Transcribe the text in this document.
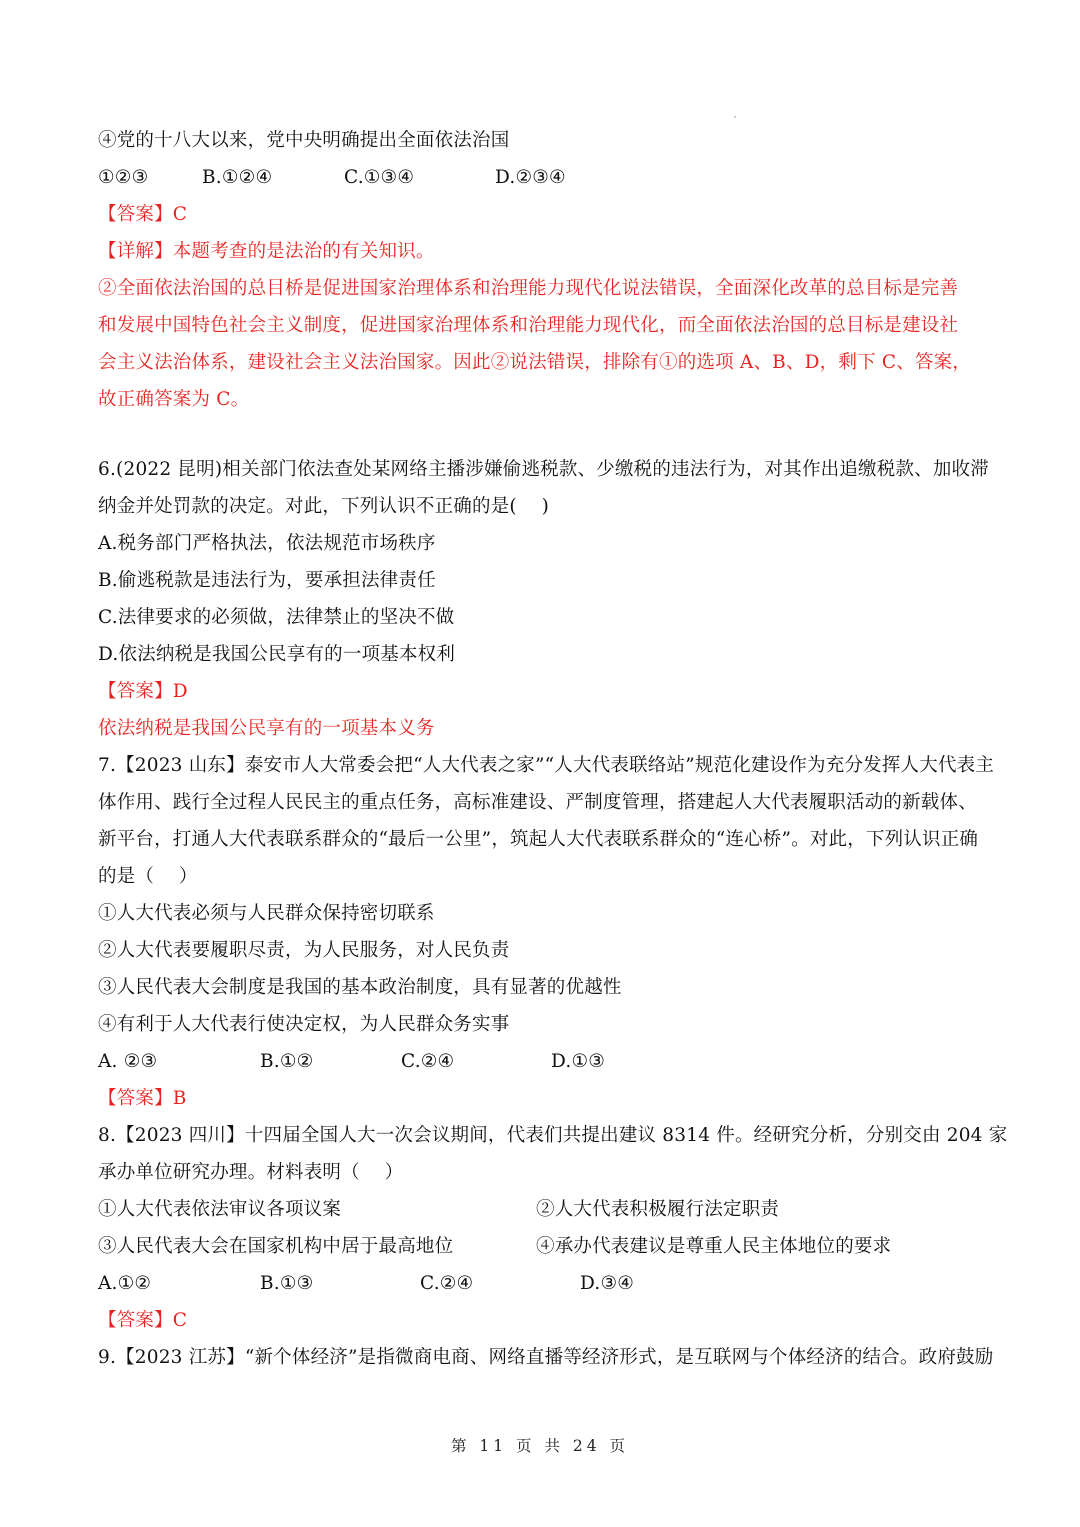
④党的十八大以来，党中央明确提出全面依法治国
①②③	B.①②④	C.①③④	D.②③④
【答案】C
【详解】本题考查的是法治的有关知识。
②全面依法治国的总目桥是促进国家治理体系和治理能力现代化说法错误，全面深化改革的总目标是完善
和发展中国特色社会主义制度，促进国家治理体系和治理能力现代化，而全面依法治国的总目标是建设社
会主义法治体系，建设社会主义法治国家。因此②说法错误，排除有①的选项 A、B、D，剩下 C、答案，
故正确答案为 C。
6.(2022 昆明)相关部门依法查处某网络主播涉嫌偷逃税款、少缴税的违法行为，对其作出追缴税款、加收滞
纳金并处罚款的决定。对此，下列认识不正确的是(　 )
A.税务部门严格执法，依法规范市场秩序
B.偷逃税款是违法行为，要承担法律责任
C.法律要求的必须做，法律禁止的坚决不做
D.依法纳税是我国公民享有的一项基本权利
【答案】D
依法纳税是我国公民享有的一项基本义务
7.【2023 山东】泰安市人大常委会把“人大代表之家”“人大代表联络站”规范化建设作为充分发挥人大代表主
体作用、践行全过程人民民主的重点任务，高标准建设、严制度管理，搭建起人大代表履职活动的新载体、
新平台，打通人大代表联系群众的“最后一公里”，筑起人大代表联系群众的“连心桥”。对此，下列认识正确
的是（　 ）
①人大代表必须与人民群众保持密切联系
②人大代表要履职尽责，为人民服务，对人民负责
③人民代表大会制度是我国的基本政治制度，具有显著的优越性
④有利于人大代表行使决定权，为人民群众务实事
A. ②③	B.①②	C.②④	D.①③
【答案】B
8.【2023 四川】十四届全国人大一次会议期间，代表们共提出建议 8314 件。经研究分析，分别交由 204 家
承办单位研究办理。材料表明（　 ）
①人大代表依法审议各项议案	②人大代表积极履行法定职责
③人民代表大会在国家机构中居于最高地位	④承办代表建议是尊重人民主体地位的要求
A.①②	B.①③	C.②④	D.③④
【答案】C
9.【2023 江苏】“新个体经济”是指微商电商、网络直播等经济形式，是互联网与个体经济的结合。政府鼓励
第 11 页 共 24 页
